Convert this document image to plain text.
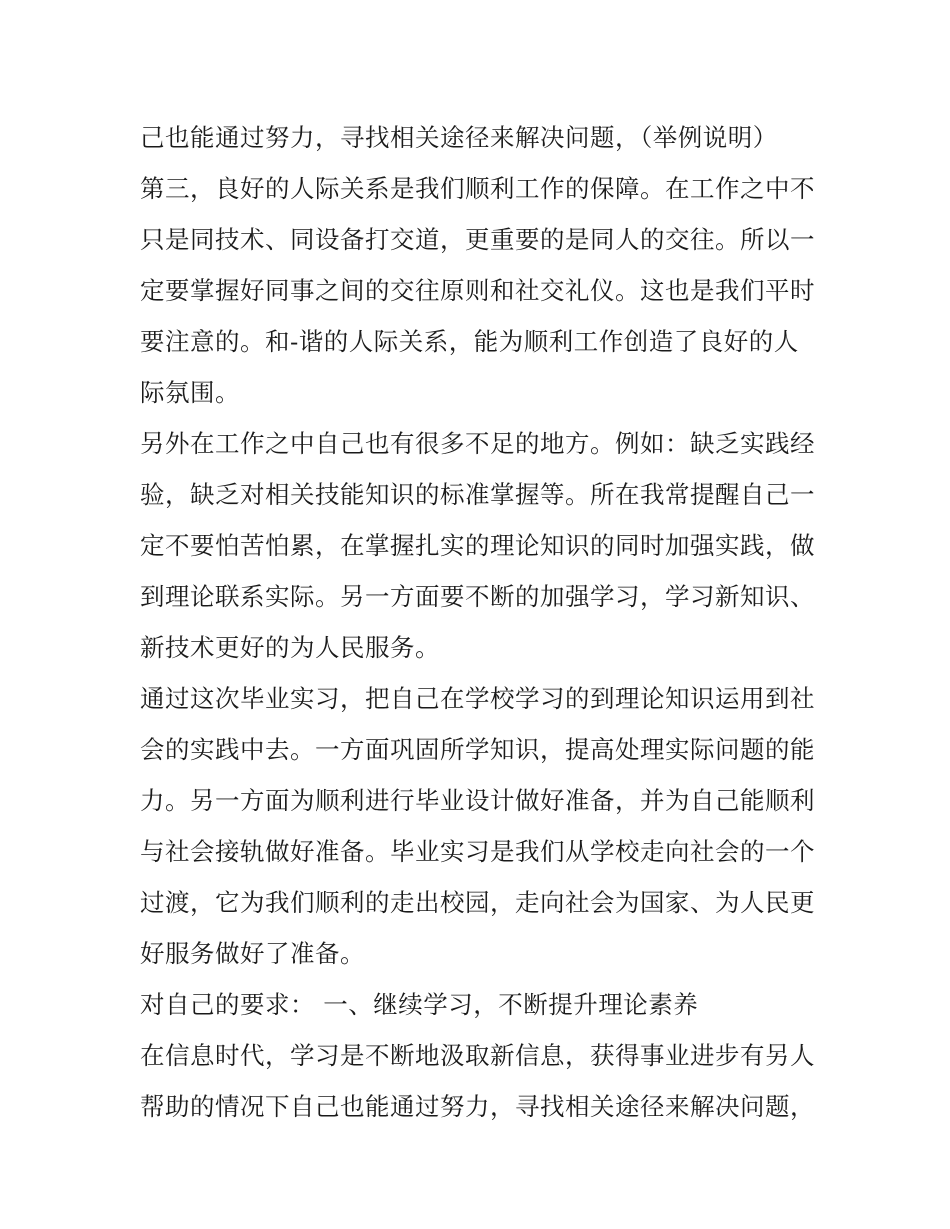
己也能通过努力，寻找相关途径来解决问题，（举例说明）
第三，良好的人际关系是我们顺利工作的保障。在工作之中不
只是同技术、同设备打交道，更重要的是同人的交往。所以一
定要掌握好同事之间的交往原则和社交礼仪。这也是我们平时
要注意的。和-谐的人际关系，能为顺利工作创造了良好的人
际氛围。
另外在工作之中自己也有很多不足的地方。例如：缺乏实践经
验，缺乏对相关技能知识的标准掌握等。所在我常提醒自己一
定不要怕苦怕累，在掌握扎实的理论知识的同时加强实践，做
到理论联系实际。另一方面要不断的加强学习，学习新知识、
新技术更好的为人民服务。
通过这次毕业实习，把自己在学校学习的到理论知识运用到社
会的实践中去。一方面巩固所学知识，提高处理实际问题的能
力。另一方面为顺利进行毕业设计做好准备，并为自己能顺利
与社会接轨做好准备。毕业实习是我们从学校走向社会的一个
过渡，它为我们顺利的走出校园，走向社会为国家、为人民更
好服务做好了准备。
对自己的要求： 一、继续学习，不断提升理论素养
在信息时代，学习是不断地汲取新信息，获得事业进步有另人
帮助的情况下自己也能通过努力，寻找相关途径来解决问题，
